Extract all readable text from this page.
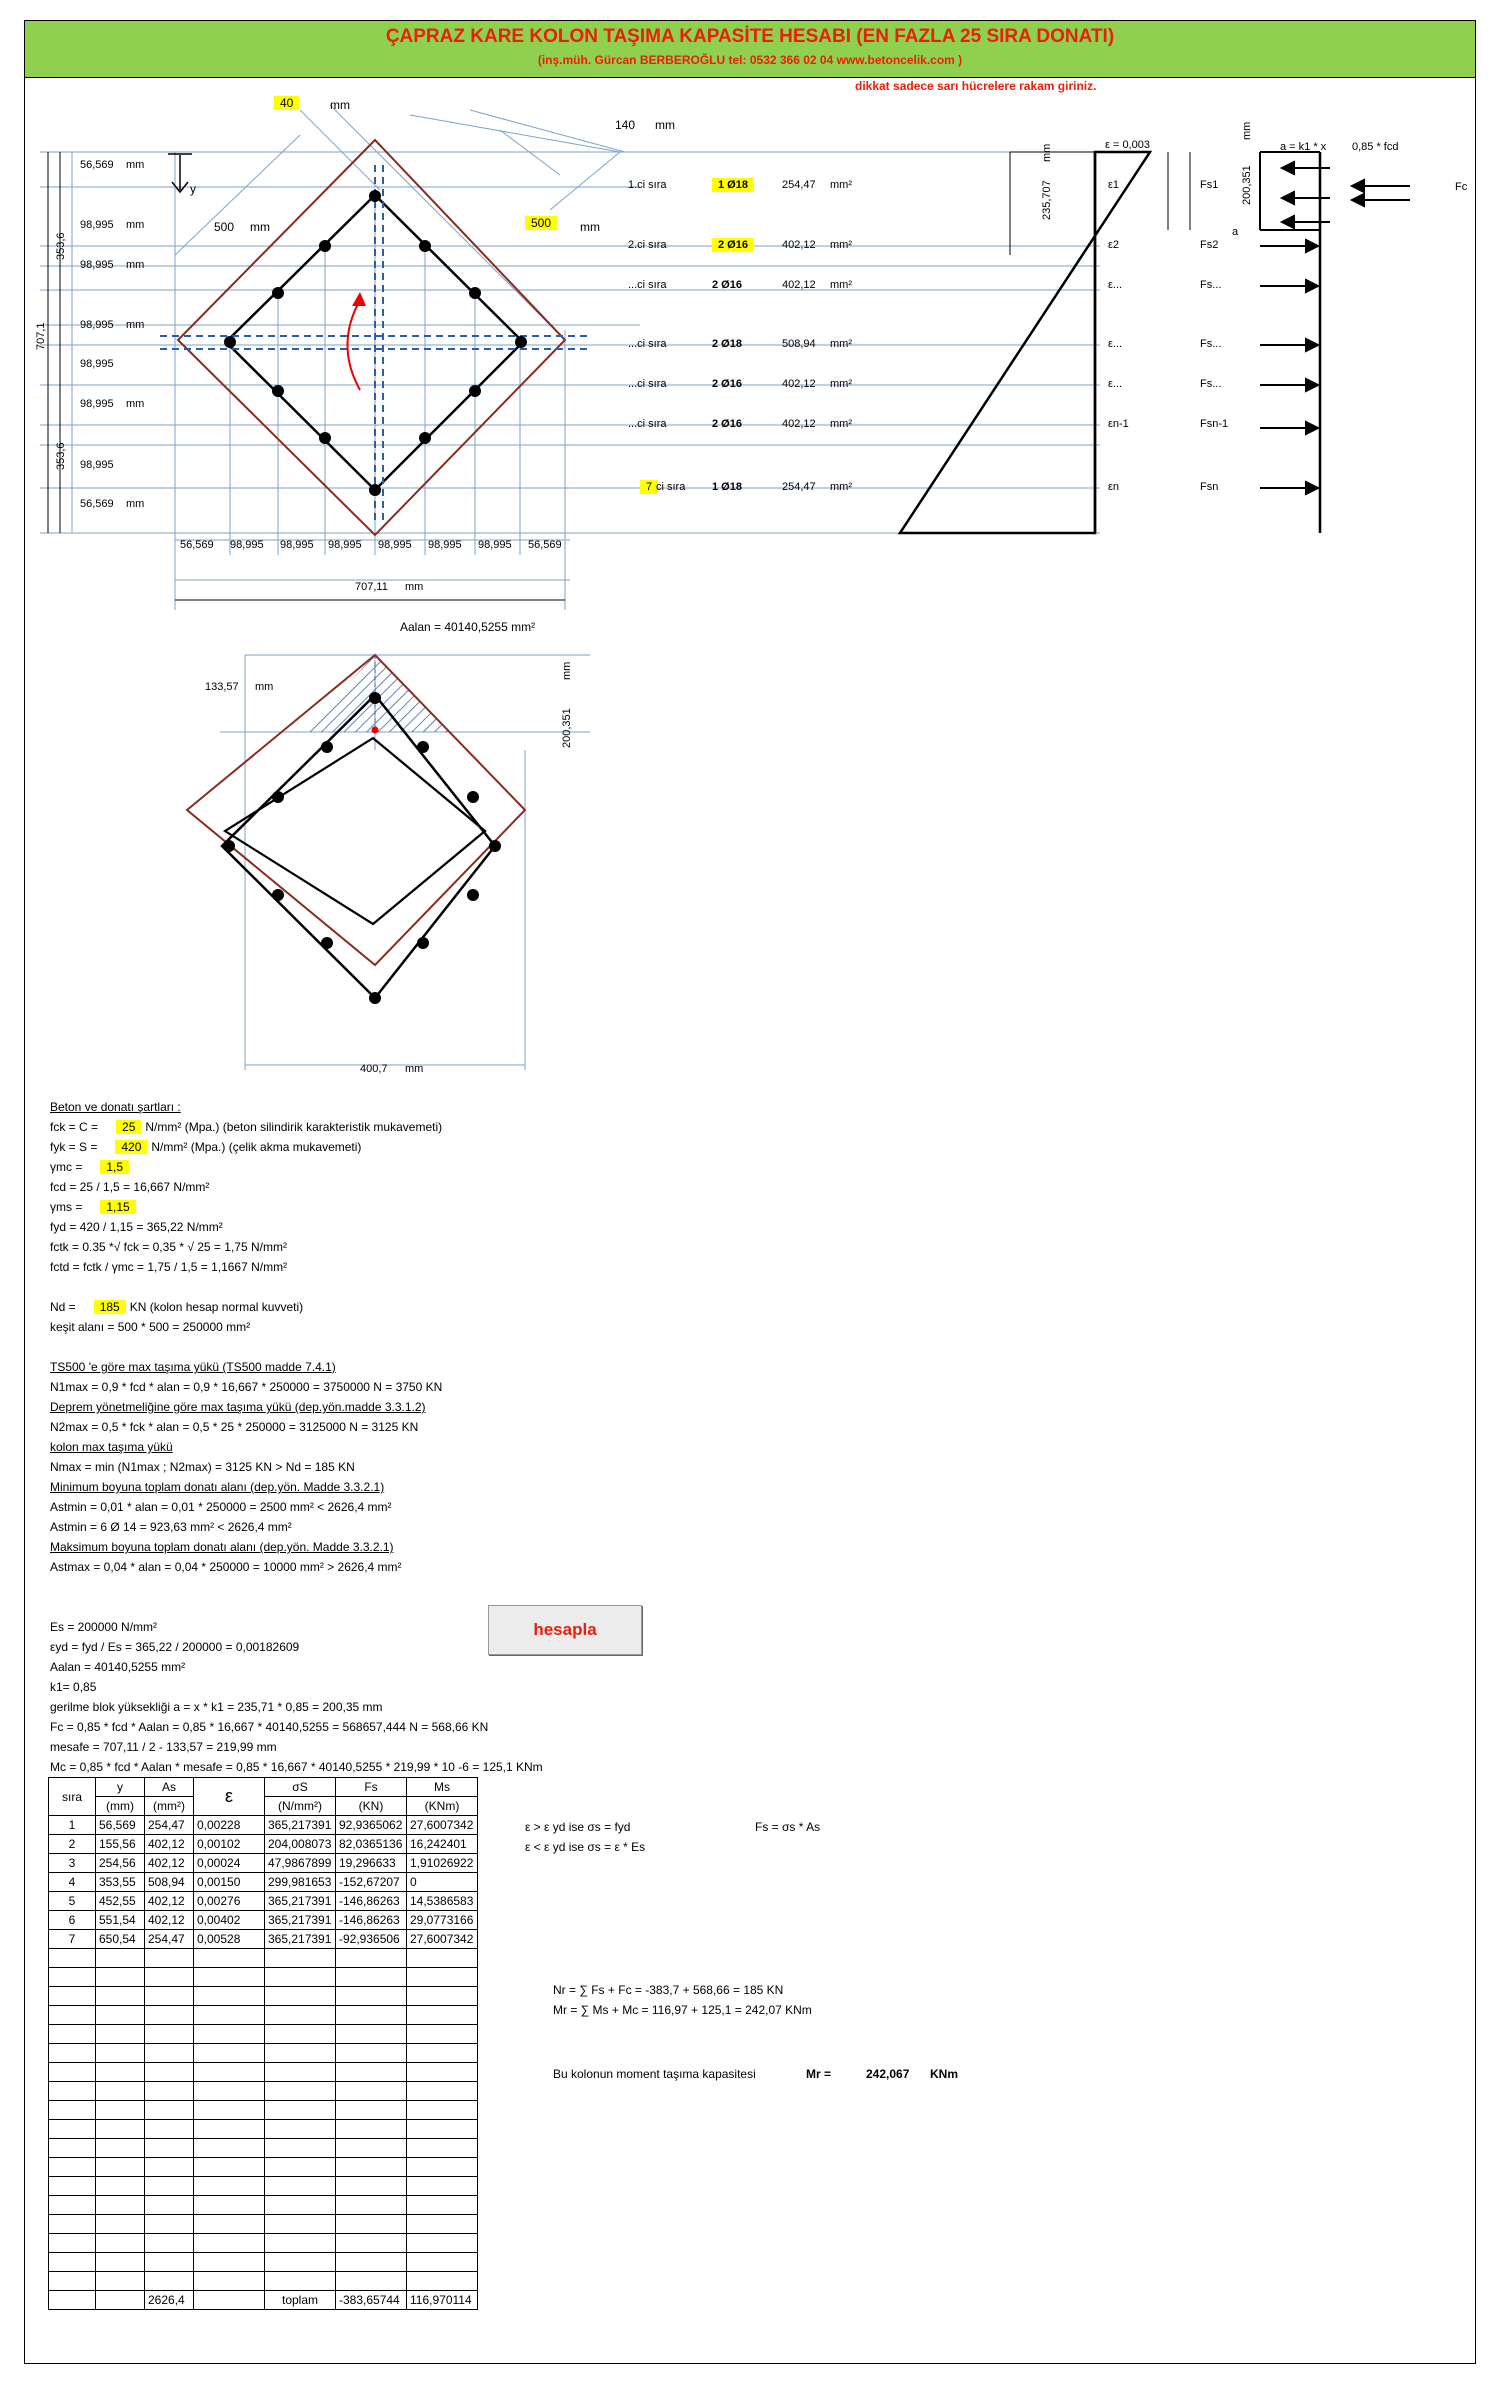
ÇAPRAZ KARE KOLON TAŞIMA KAPASİTE HESABI (EN FAZLA 25 SIRA DONATI)
(inş.müh. Gürcan BERBEROĞLU tel: 0532 366 02 04 www.betoncelik.com )
dikkat sadece sarı hücrelere rakam giriniz.
40	mm
140 mm
500 mm	500	mm
y
56,569
98,995
98,995
98,995
98,995
98,995
98,995
56,569
mm
mm
mm
mm
mm
mm
353,6
353,6
707,1
56,569 98,995 98,995 98,995 98,995 98,995 98,995 56,569
707,11 mm
1.ci sıra	1 Ø18	254,47 mm²	ε1	Fs1
2.ci sıra	2 Ø16	402,12 mm²	ε2	Fs2
...ci sıra	2 Ø16	402,12 mm²	ε...	Fs...
...ci sıra	2 Ø18	508,94 mm²	ε...	Fs...
...ci sıra	2 Ø16	402,12 mm²	ε...	Fs...
...ci sıra	2 Ø16	402,12 mm²	εn-1	Fsn-1
7 ci sıra 1 Ø18	254,47 mm²	εn	Fsn
ε = 0,003	a = k1 * x 0,85 * fcd
Fc
a
235,707
mm
200,351
mm
Aalan = 40140,5255 mm²
133,57 mm
200,351
mm
400,7 mm
Beton ve donatı şartları :
fck = C = 25 N/mm² (Mpa.) (beton silindirik karakteristik mukavemeti)
fyk = S = 420 N/mm² (Mpa.) (çelik akma mukavemeti)
γmc = 1,5
fcd = 25 / 1,5 = 16,667 N/mm²
γms = 1,15
fyd = 420 / 1,15 = 365,22 N/mm²
fctk = 0.35 *√ fck = 0,35 * √ 25 = 1,75 N/mm²
fctd = fctk / γmc = 1,75 / 1,5 = 1,1667 N/mm²
Nd = 185 KN (kolon hesap normal kuvveti)
keşit alanı = 500 * 500 = 250000 mm²
TS500 'e göre max taşıma yükü (TS500 madde 7.4.1)
N1max = 0,9 * fcd * alan = 0,9 * 16,667 * 250000 = 3750000 N = 3750 KN
Deprem yönetmeliğine göre max taşıma yükü (dep.yön.madde 3.3.1.2)
N2max = 0,5 * fck * alan = 0,5 * 25 * 250000 = 3125000 N = 3125 KN
kolon max taşıma yükü
Nmax = min (N1max ; N2max) = 3125 KN > Nd = 185 KN
Minimum boyuna toplam donatı alanı (dep.yön. Madde 3.3.2.1)
Astmin = 0,01 * alan = 0,01 * 250000 = 2500 mm² < 2626,4 mm²
Astmin = 6 Ø 14 = 923,63 mm² < 2626,4 mm²
Maksimum boyuna toplam donatı alanı (dep.yön. Madde 3.3.2.1)
Astmax = 0,04 * alan = 0,04 * 250000 = 10000 mm² > 2626,4 mm²
Es = 200000 N/mm²
εyd = fyd / Es = 365,22 / 200000 = 0,00182609
Aalan = 40140,5255 mm²
k1= 0,85
gerilme blok yüksekliği a = x * k1 = 235,71 * 0,85 = 200,35 mm
Fc = 0,85 * fcd * Aalan = 0,85 * 16,667 * 40140,5255 = 568657,444 N = 568,66 KN
mesafe = 707,11 / 2 - 133,57 = 219,99 mm
Mc = 0,85 * fcd * Aalan * mesafe = 0,85 * 16,667 * 40140,5255 * 219,99 * 10 -6 = 125,1 KNm
hesapla
sıra	y	As	ε	σS	Fs	Ms
	(mm)	(mm²)		(N/mm²)	(KN)	(KNm)
1	56,569	254,47	0,00228	365,217391	92,9365062	27,6007342
2	155,56	402,12	0,00102	204,008073	82,0365136	16,242401
3	254,56	402,12	0,00024	47,9867899	19,296633	1,91026922
4	353,55	508,94	0,00150	299,981653	-152,67207	0
5	452,55	402,12	0,00276	365,217391	-146,86263	14,5386583
6	551,54	402,12	0,00402	365,217391	-146,86263	29,0773166
7	650,54	254,47	0,00528	365,217391	-92,936506	27,6007342

		2626,4		toplam	-383,65744	116,970114
ε > ε yd ise σs = fyd	Fs = σs * As
ε < ε yd ise σs = ε * Es
Nr = ∑ Fs + Fc = -383,7 + 568,66 = 185 KN
Mr = ∑ Ms + Mc = 116,97 + 125,1 = 242,07 KNm
Bu kolonun moment taşıma kapasitesi	Mr =	242,067 KNm
